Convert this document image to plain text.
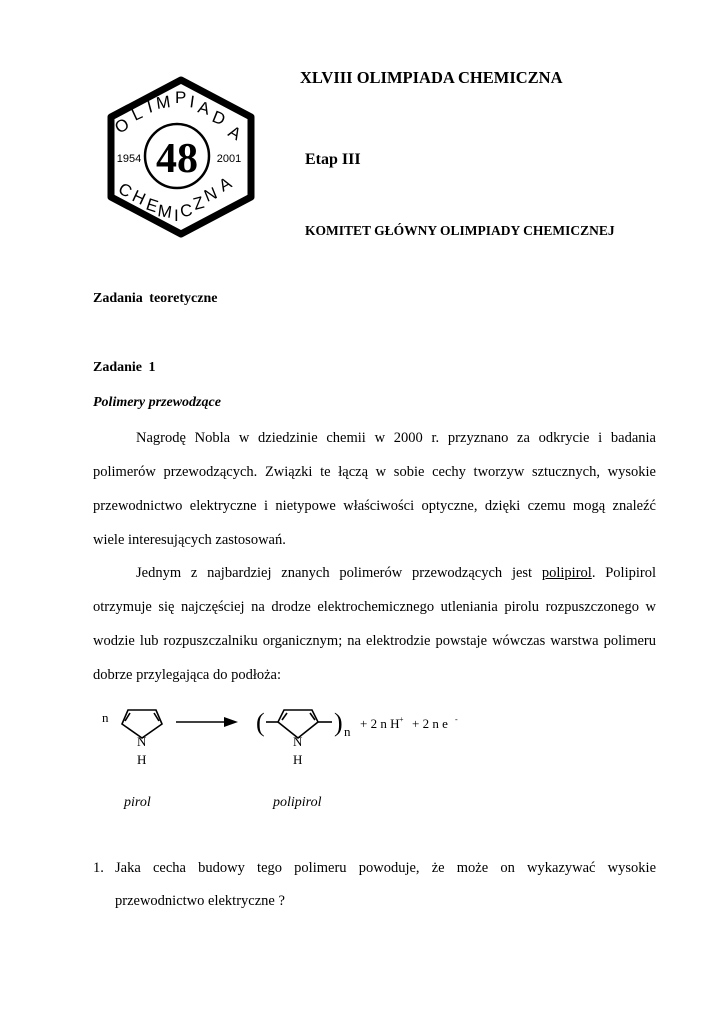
48
1954	2001
O
L I M P I A
D
A
C
H
E
M I C
Z
N
A
XLVIII OLIMPIADA CHEMICZNA
Etap III
KOMITET GŁÓWNY OLIMPIADY CHEMICZNEJ
Zadania teoretyczne
Zadanie 1
Polimery przewodzące

Nagrodę Nobla w dziedzinie chemii w 2000 r. przyznano za odkrycie i badania polimerów przewodzących. Związki te łączą w sobie cechy tworzyw sztucznych, wysokie przewodnictwo elektryczne i nietypowe właściwości optyczne, dzięki czemu mogą znaleźć wiele interesujących zastosowań.

Jednym z najbardziej znanych polimerów przewodzących jest polipirol. Polipirol otrzymuje się najczęściej na drodze elektrochemicznego utleniania pirolu rozpuszczonego w wodzie lub rozpuszczalniku organicznym; na elektrodzie powstaje wówczas warstwa polimeru dobrze przylegająca do podłoża:

n
N
H
(
N
H
) n
+ 2 n H + + 2 n e -
pirol	polipirol
1. Jaka cecha budowy tego polimeru powoduje, że może on wykazywać wysokie przewodnictwo elektryczne ?
